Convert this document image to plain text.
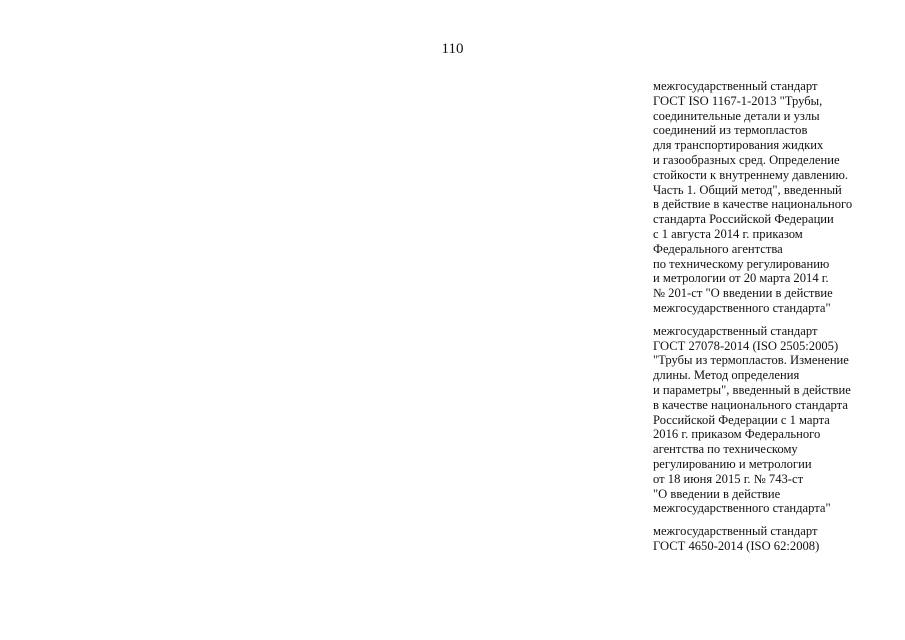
110
межгосударственный стандарт
ГОСТ ISO 1167-1-2013 "Трубы,
соединительные детали и узлы
соединений из термопластов
для транспортирования жидких
и газообразных сред. Определение
стойкости к внутреннему давлению.
Часть 1. Общий метод", введенный
в действие в качестве национального
стандарта Российской Федерации
с 1 августа 2014 г. приказом
Федерального агентства
по техническому регулированию
и метрологии от 20 марта 2014 г.
№ 201-ст "О введении в действие
межгосударственного стандарта"
межгосударственный стандарт
ГОСТ 27078-2014 (ISO 2505:2005)
"Трубы из термопластов. Изменение
длины. Метод определения
и параметры", введенный в действие
в качестве национального стандарта
Российской Федерации с 1 марта
2016 г. приказом Федерального
агентства по техническому
регулированию и метрологии
от 18 июня 2015 г. № 743-ст
"О введении в действие
межгосударственного стандарта"
межгосударственный стандарт
ГОСТ 4650-2014 (ISO 62:2008)
